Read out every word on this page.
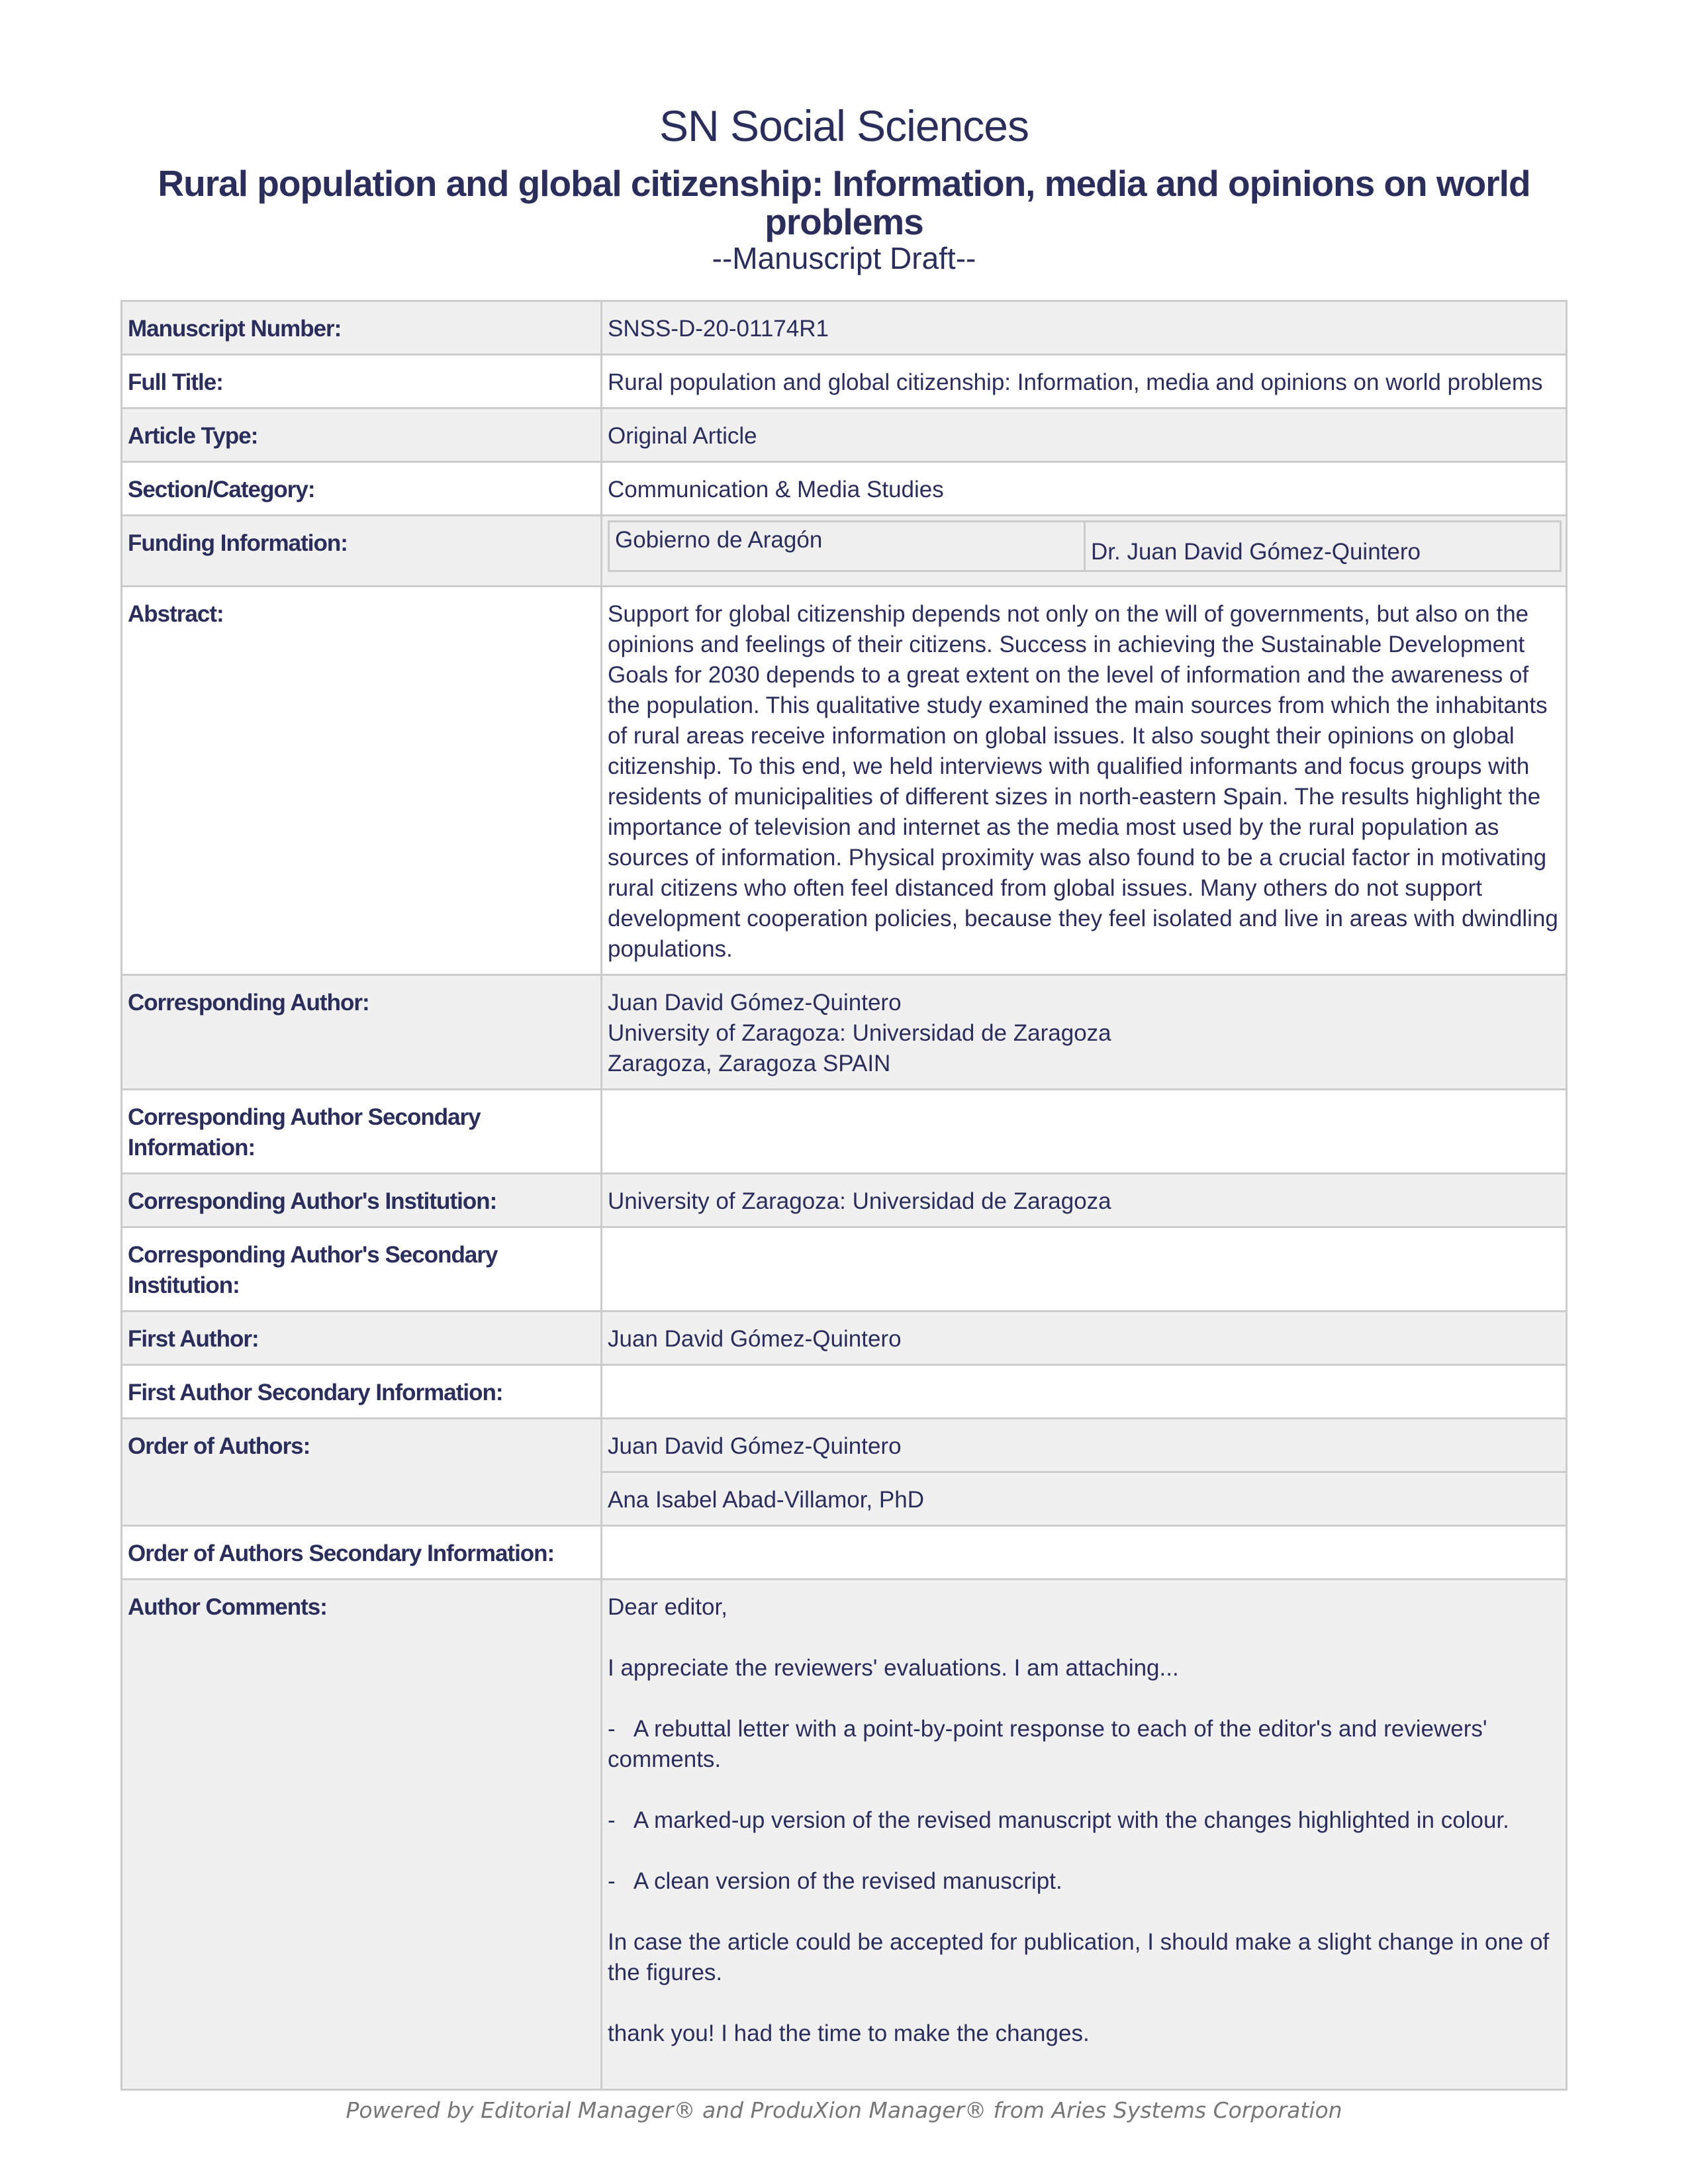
SN Social Sciences
Rural population and global citizenship: Information, media and opinions on world problems
--Manuscript Draft--
Manuscript Number:	SNSS-D-20-01174R1
Full Title:	Rural population and global citizenship: Information, media and opinions on world problems
Article Type:	Original Article
Section/Category:	Communication & Media Studies
Funding Information:		Gobierno de Aragón	Dr. Juan David Gómez-Quintero

Abstract:	Support for global citizenship depends not only on the will of governments, but also on the opinions and feelings of their citizens. Success in achieving the Sustainable Development Goals for 2030 depends to a great extent on the level of information and the awareness of the population. This qualitative study examined the main sources from which the inhabitants of rural areas receive information on global issues. It also sought their opinions on global citizenship. To this end, we held interviews with qualified informants and focus groups with residents of municipalities of different sizes in north-eastern Spain. The results highlight the importance of television and internet as the media most used by the rural population as sources of information. Physical proximity was also found to be a crucial factor in motivating rural citizens who often feel distanced from global issues. Many others do not support development cooperation policies, because they feel isolated and live in areas with dwindling populations.
Corresponding Author:	Juan David Gómez-Quintero
University of Zaragoza: Universidad de Zaragoza
Zaragoza, Zaragoza SPAIN

Corresponding Author Secondary Information:	
Corresponding Author's Institution:	University of Zaragoza: Universidad de Zaragoza
Corresponding Author's Secondary Institution:	
First Author:	Juan David Gómez-Quintero
First Author Secondary Information:	
Order of Authors:	Juan David Gómez-Quintero
Ana Isabel Abad-Villamor, PhD

Order of Authors Secondary Information:	
Author Comments:	Dear editor,
I appreciate the reviewers' evaluations. I am attaching...
-   A rebuttal letter with a point-by-point response to each of the editor's and reviewers' comments.
-   A marked-up version of the revised manuscript with the changes highlighted in colour.
-   A clean version of the revised manuscript.
In case the article could be accepted for publication, I should make a slight change in one of the figures.
thank you! I had the time to make the changes.
Powered by Editorial Manager® and ProduXion Manager® from Aries Systems Corporation
